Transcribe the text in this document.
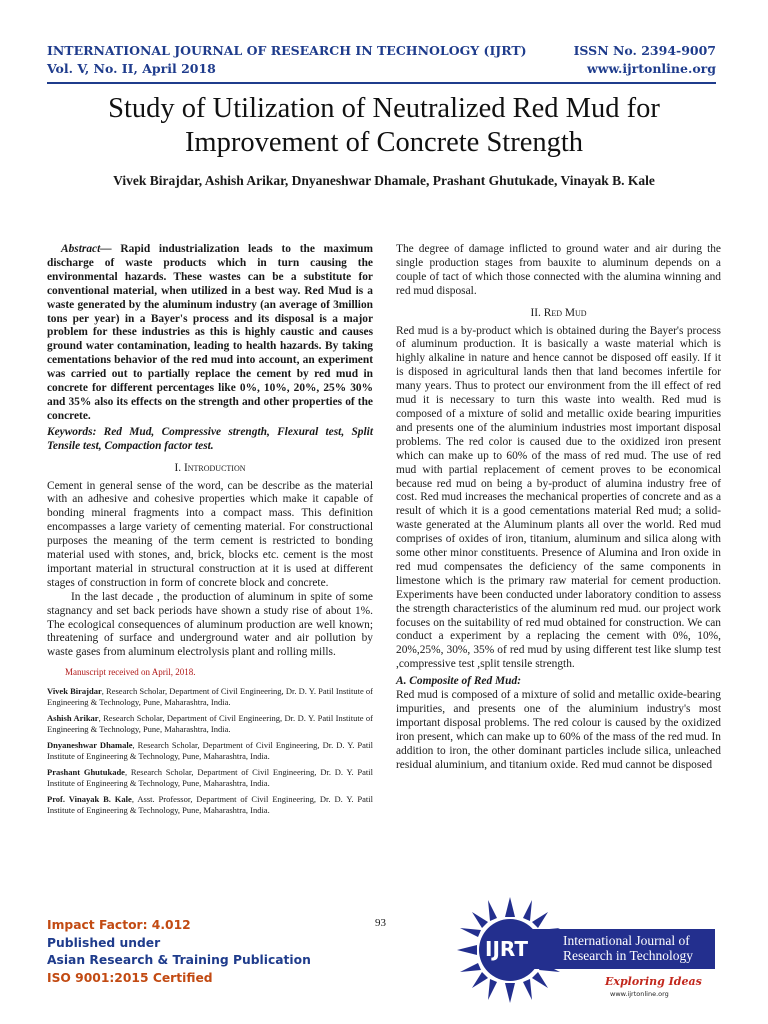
INTERNATIONAL JOURNAL OF RESEARCH IN TECHNOLOGY (IJRT)
Vol. V, No. II, April 2018
ISSN No. 2394-9007
www.ijrtonline.org
Study of Utilization of Neutralized Red Mud for
Improvement of Concrete Strength
Vivek Birajdar, Ashish Arikar, Dnyaneshwar Dhamale, Prashant Ghutukade, Vinayak B. Kale

Abstract— Rapid industrialization leads to the maximum discharge of waste products which in turn causing the environmental hazards. These wastes can be a substitute for conventional material, when utilized in a best way. Red Mud is a waste generated by the aluminum industry (an average of 3million tons per year) in a Bayer's process and its disposal is a major problem for these industries as this is highly caustic and causes ground water contamination, leading to health hazards. By taking cementations behavior of the red mud into account, an experiment was carried out to partially replace the cement by red mud in concrete for different percentages like 0%, 10%, 20%, 25% 30% and 35% also its effects on the strength and other properties of the concrete.

Keywords: Red Mud, Compressive strength, Flexural test, Split Tensile test, Compaction factor test.

I. Introduction

Cement in general sense of the word, can be describe as the material with an adhesive and cohesive properties which make it capable of bonding mineral fragments into a compact mass. This definition encompasses a large variety of cementing material. For constructional purposes the meaning of the term cement is restricted to bonding material used with stones, and, brick, blocks etc. cement is the most important material in structural construction at it is used at different stages of construction in form of concrete block and concrete.

In the last decade , the production of aluminum in spite of some stagnancy and set back periods have shown a study rise of about 1%. The ecological consequences of aluminum production are well known; threatening of surface and underground water and air pollution by waste gases from aluminum electrolysis plant and rolling mills.

Manuscript received on April, 2018.

Vivek Birajdar, Research Scholar, Department of Civil Engineering, Dr. D. Y. Patil Institute of Engineering & Technology, Pune, Maharashtra, India.

Ashish Arikar, Research Scholar, Department of Civil Engineering, Dr. D. Y. Patil Institute of Engineering & Technology, Pune, Maharashtra, India.

Dnyaneshwar Dhamale, Research Scholar, Department of Civil Engineering, Dr. D. Y. Patil Institute of Engineering & Technology, Pune, Maharashtra, India.

Prashant Ghutukade, Research Scholar, Department of Civil Engineering, Dr. D. Y. Patil Institute of Engineering & Technology, Pune, Maharashtra, India.

Prof. Vinayak B. Kale, Asst. Professor, Department of Civil Engineering, Dr. D. Y. Patil Institute of Engineering & Technology, Pune, Maharashtra, India.

The degree of damage inflicted to ground water and air during the single production stages from bauxite to aluminum depends on a couple of tact of which those connected with the alumina winning and red mud disposal.

II. Red Mud

Red mud is a by-product which is obtained during the Bayer's process of aluminum production. It is basically a waste material which is highly alkaline in nature and hence cannot be disposed off easily. If it is disposed in agricultural lands then that land becomes infertile for many years. Thus to protect our environment from the ill effect of red mud it is necessary to turn this waste into wealth. Red mud is composed of a mixture of solid and metallic oxide bearing impurities and presents one of the aluminium industries most important disposal problems. The red color is caused due to the oxidized iron present which can make up to 60% of the mass of red mud. The use of red mud with partial replacement of cement proves to be economical because red mud on being a by-product of alumina industry free of cost. Red mud increases the mechanical properties of concrete and as a result of which it is a good cementations material Red mud; a solid- waste generated at the Aluminum plants all over the world. Red mud comprises of oxides of iron, titanium, aluminum and silica along with some other minor constituents. Presence of Alumina and Iron oxide in red mud compensates the deficiency of the same components in limestone which is the primary raw material for cement production. Experiments have been conducted under laboratory condition to assess the strength characteristics of the aluminum red mud. our project work focuses on the suitability of red mud obtained for construction. We can conduct a experiment by a replacing the cement with 0%, 10%, 20%,25%, 30%, 35% of red mud by using different test like slump test ,compressive test ,split tensile strength.

A. Composite of Red Mud:

Red mud is composed of a mixture of solid and metallic oxide-bearing impurities, and presents one of the aluminium industry's most important disposal problems. The red colour is caused by the oxidized iron present, which can make up to 60% of the mass of the red mud. In addition to iron, the other dominant particles include silica, unleached residual aluminium, and titanium oxide. Red mud cannot be disposed

93
Impact Factor: 4.012
Published under
Asian Research & Training Publication
ISO 9001:2015 Certified
IJRT	International Journal of
Research in Technology
Exploring Ideas
www.ijrtonline.org
